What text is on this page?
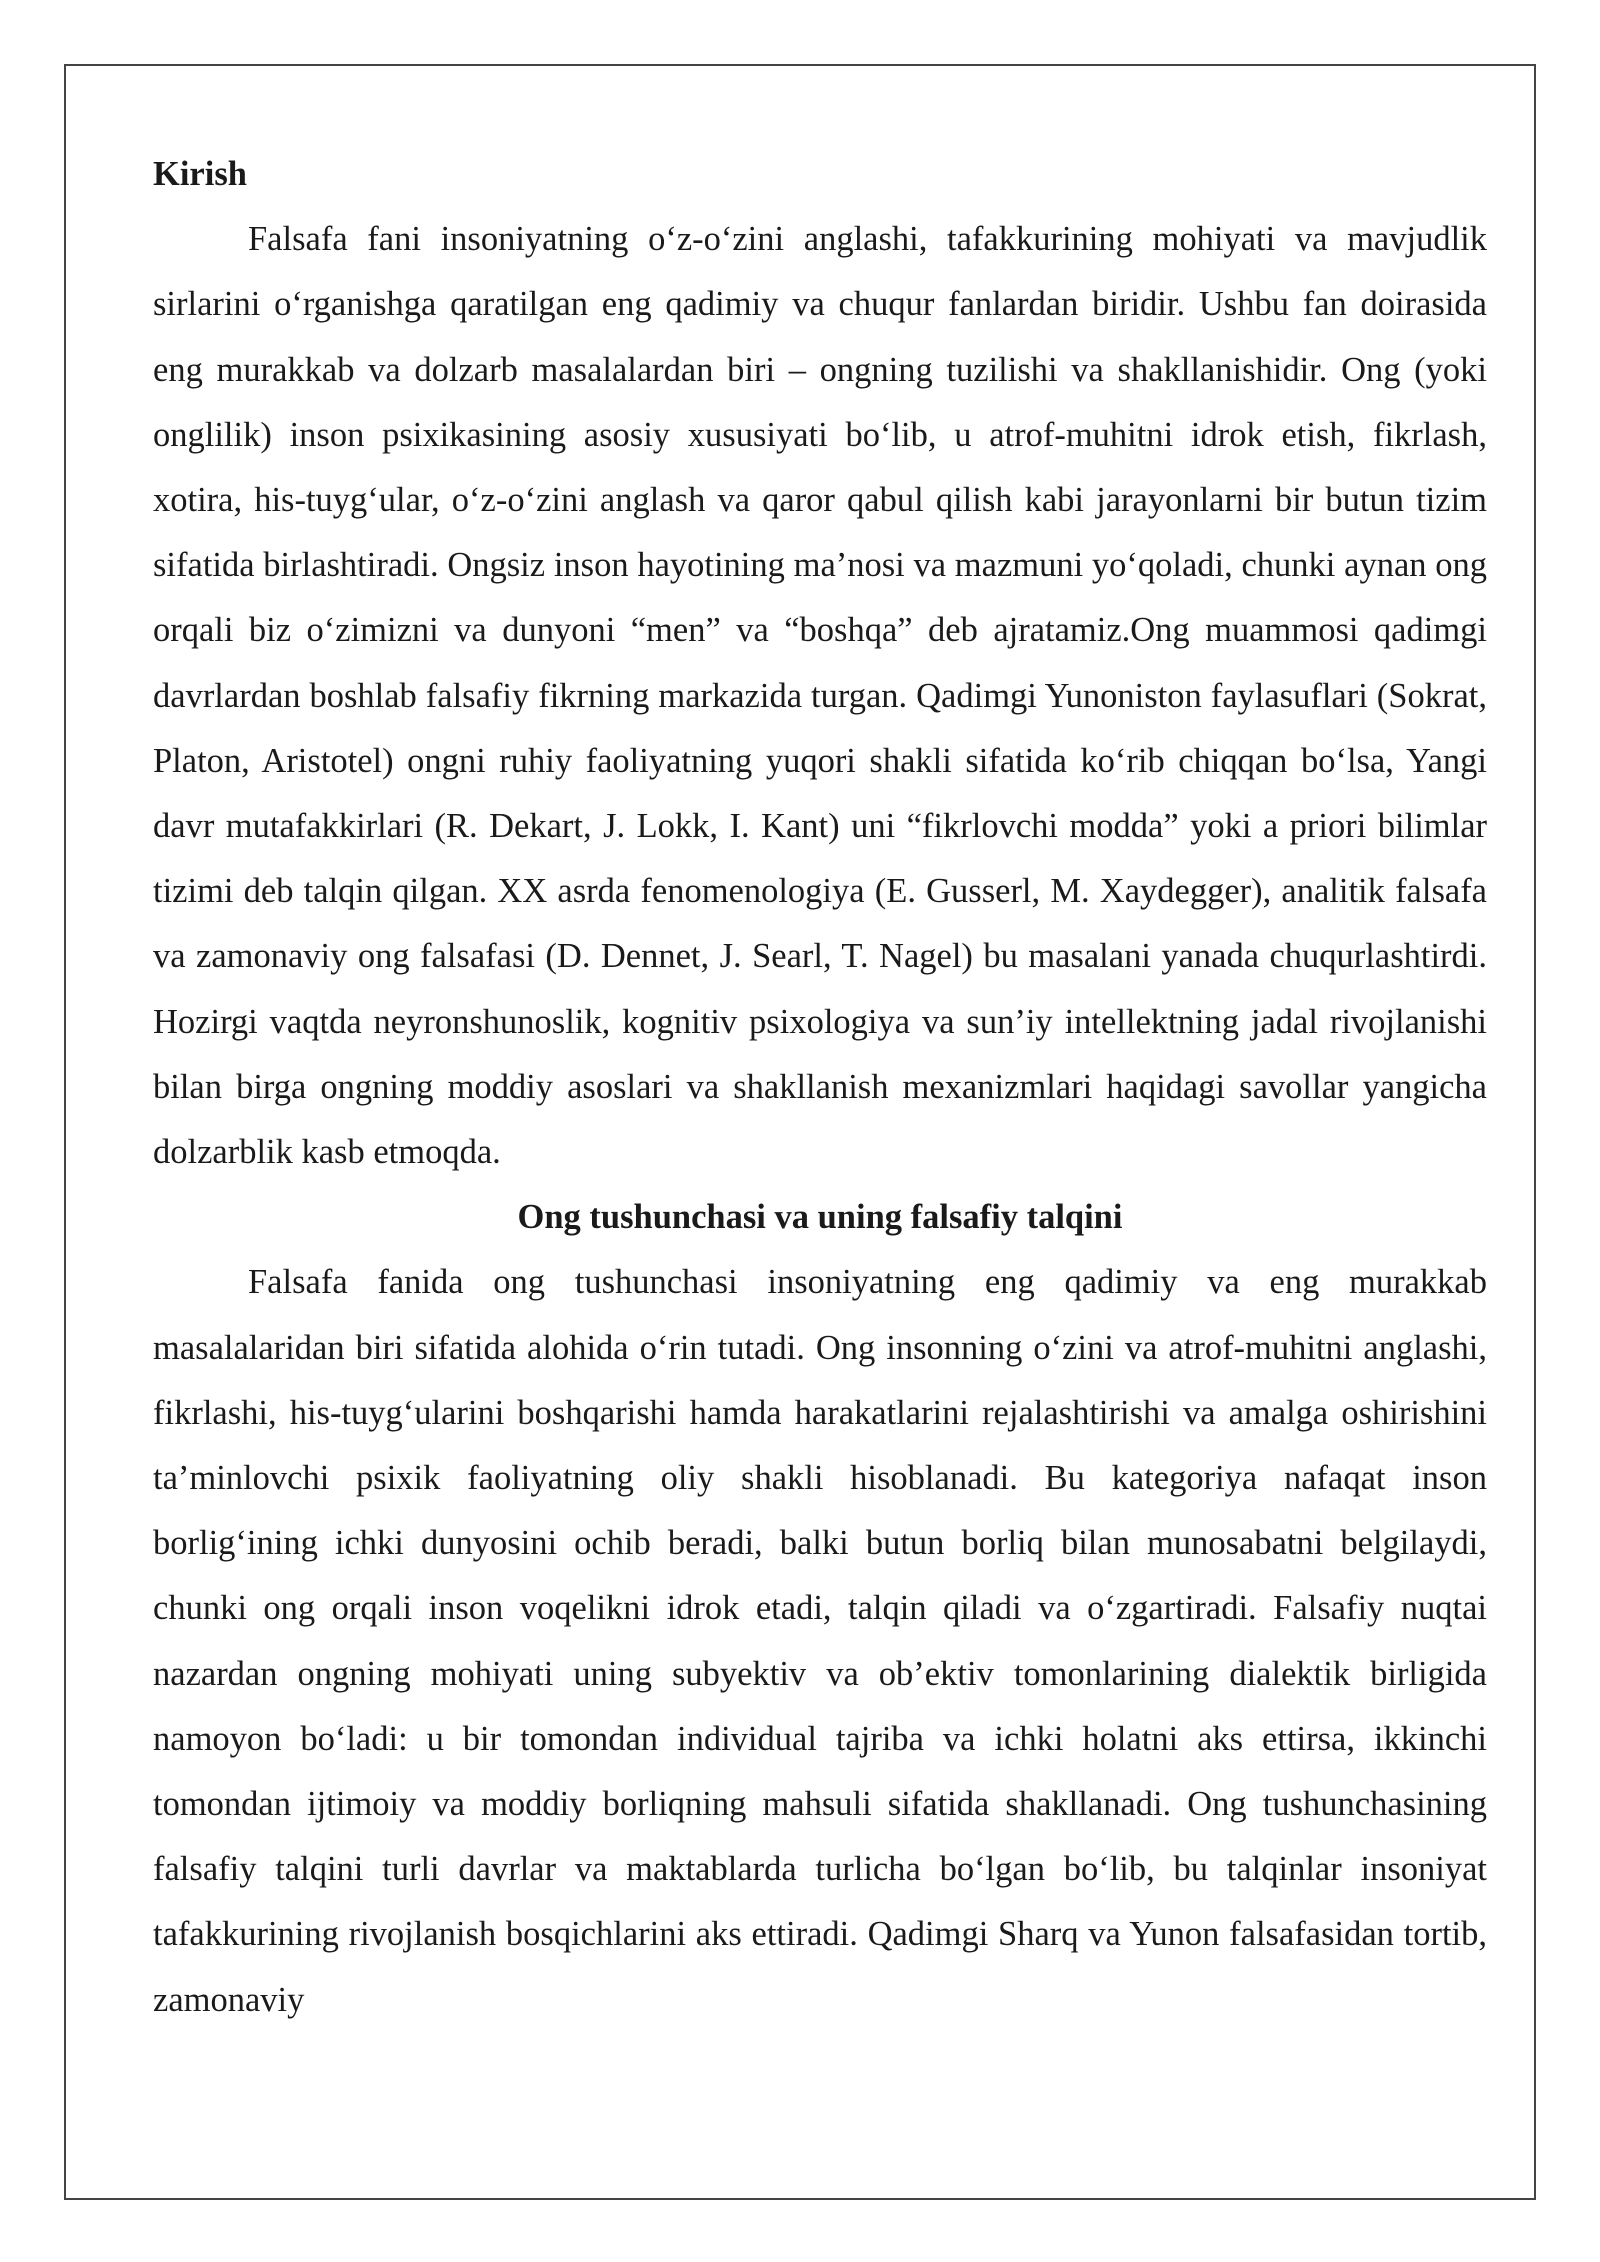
Kirish

Falsafa fani insoniyatning o‘z-o‘zini anglashi, tafakkurining mohiyati va mavjudlik sirlarini o‘rganishga qaratilgan eng qadimiy va chuqur fanlardan biridir. Ushbu fan doirasida eng murakkab va dolzarb masalalardan biri – ongning tuzilishi va shakllanishidir. Ong (yoki onglilik) inson psixikasining asosiy xususiyati bo‘lib, u atrof-muhitni idrok etish, fikrlash, xotira, his-tuyg‘ular, o‘z-o‘zini anglash va qaror qabul qilish kabi jarayonlarni bir butun tizim sifatida birlashtiradi. Ongsiz inson hayotining ma’nosi va mazmuni yo‘qoladi, chunki aynan ong orqali biz o‘zimizni va dunyoni “men” va “boshqa” deb ajratamiz.Ong muammosi qadimgi davrlardan boshlab falsafiy fikrning markazida turgan. Qadimgi Yunoniston faylasuflari (Sokrat, Platon, Aristotel) ongni ruhiy faoliyatning yuqori shakli sifatida ko‘rib chiqqan bo‘lsa, Yangi davr mutafakkirlari (R. Dekart, J. Lokk, I. Kant) uni “fikrlovchi modda” yoki a priori bilimlar tizimi deb talqin qilgan. XX asrda fenomenologiya (E. Gusserl, M. Xaydegger), analitik falsafa va zamonaviy ong falsafasi (D. Dennet, J. Searl, T. Nagel) bu masalani yanada chuqurlashtirdi. Hozirgi vaqtda neyronshunoslik, kognitiv psixologiya va sun’iy intellektning jadal rivojlanishi bilan birga ongning moddiy asoslari va shakllanish mexanizmlari haqidagi savollar yangicha dolzarblik kasb etmoqda.

Ong tushunchasi va uning falsafiy talqini

Falsafa fanida ong tushunchasi insoniyatning eng qadimiy va eng murakkab masalalaridan biri sifatida alohida o‘rin tutadi. Ong insonning o‘zini va atrof-muhitni anglashi, fikrlashi, his-tuyg‘ularini boshqarishi hamda harakatlarini rejalashtirishi va amalga oshirishini ta’minlovchi psixik faoliyatning oliy shakli hisoblanadi. Bu kategoriya nafaqat inson borlig‘ining ichki dunyosini ochib beradi, balki butun borliq bilan munosabatni belgilaydi, chunki ong orqali inson voqelikni idrok etadi, talqin qiladi va o‘zgartiradi. Falsafiy nuqtai nazardan ongning mohiyati uning subyektiv va ob’ektiv tomonlarining dialektik birligida namoyon bo‘ladi: u bir tomondan individual tajriba va ichki holatni aks ettirsa, ikkinchi tomondan ijtimoiy va moddiy borliqning mahsuli sifatida shakllanadi. Ong tushunchasining falsafiy talqini turli davrlar va maktablarda turlicha bo‘lgan bo‘lib, bu talqinlar insoniyat tafakkurining rivojlanish bosqichlarini aks ettiradi. Qadimgi Sharq va Yunon falsafasidan tortib, zamonaviy
